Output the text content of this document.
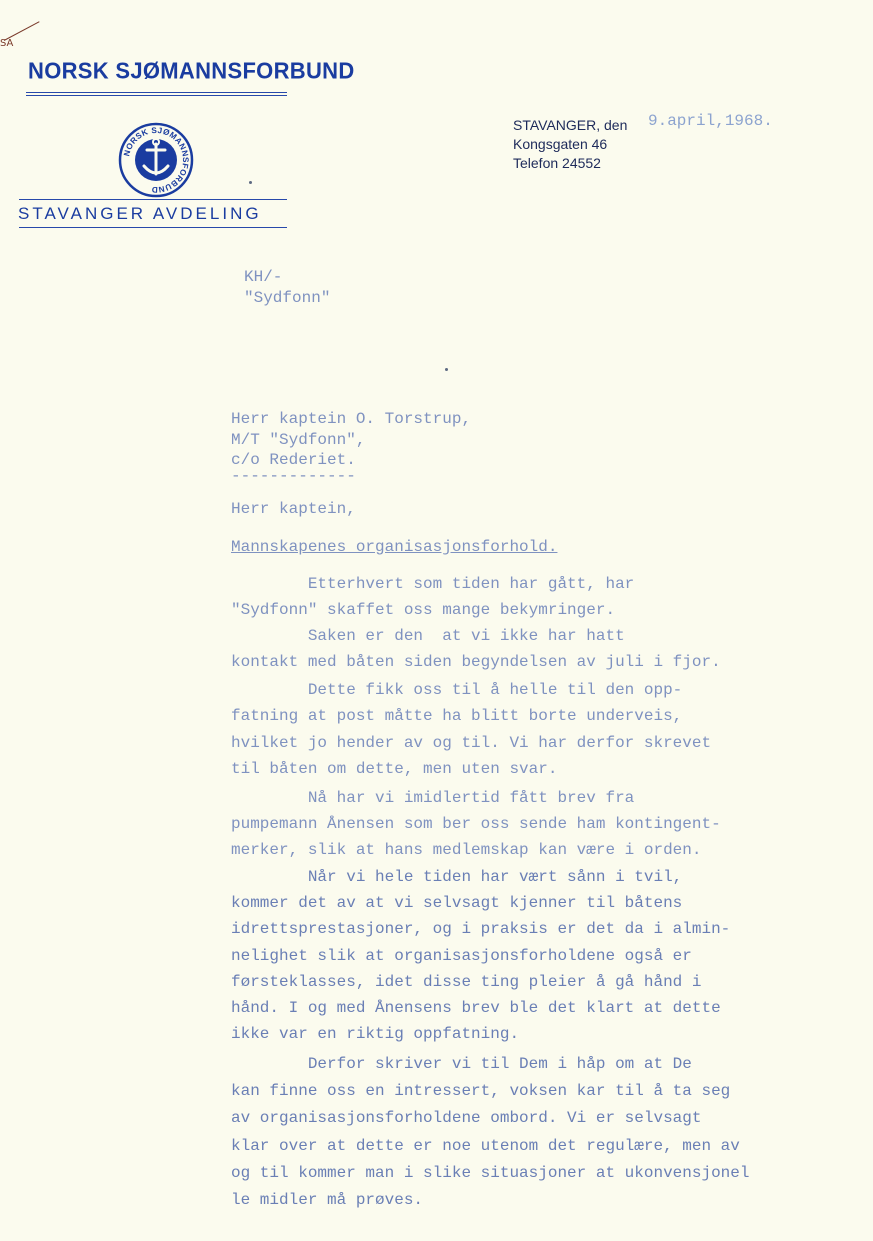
SA
NORSK SJØMANNSFORBUND
NORSK SJØMANNSFORBUND
STAVANGER AVDELING
STAVANGER, den 9.april,1968.
Kongsgaten 46
Telefon 24552
KH/-
"Sydfonn"
Herr kaptein O. Torstrup,
M/T "Sydfonn",
c/o Rederiet.
-------------
Herr kaptein,
Mannskapenes organisasjonsforhold.
Etterhvert som tiden har gått, har
"Sydfonn" skaffet oss mange bekymringer.
Saken er den  at vi ikke har hatt
kontakt med båten siden begyndelsen av juli i fjor.
Dette fikk oss til å helle til den opp-
fatning at post måtte ha blitt borte underveis,
hvilket jo hender av og til. Vi har derfor skrevet
til båten om dette, men uten svar.
Nå har vi imidlertid fått brev fra
pumpemann Ånensen som ber oss sende ham kontingent-
merker, slik at hans medlemskap kan være i orden.
Når vi hele tiden har vært sånn i tvil,
kommer det av at vi selvsagt kjenner til båtens
idrettsprestasjoner, og i praksis er det da i almin-
nelighet slik at organisasjonsforholdene også er
førsteklasses, idet disse ting pleier å gå hånd i
hånd. I og med Ånensens brev ble det klart at dette
ikke var en riktig oppfatning.
Derfor skriver vi til Dem i håp om at De
kan finne oss en intressert, voksen kar til å ta seg
av organisasjonsforholdene ombord. Vi er selvsagt
klar over at dette er noe utenom det regulære, men av
og til kommer man i slike situasjoner at ukonvensjonel
le midler må prøves.
